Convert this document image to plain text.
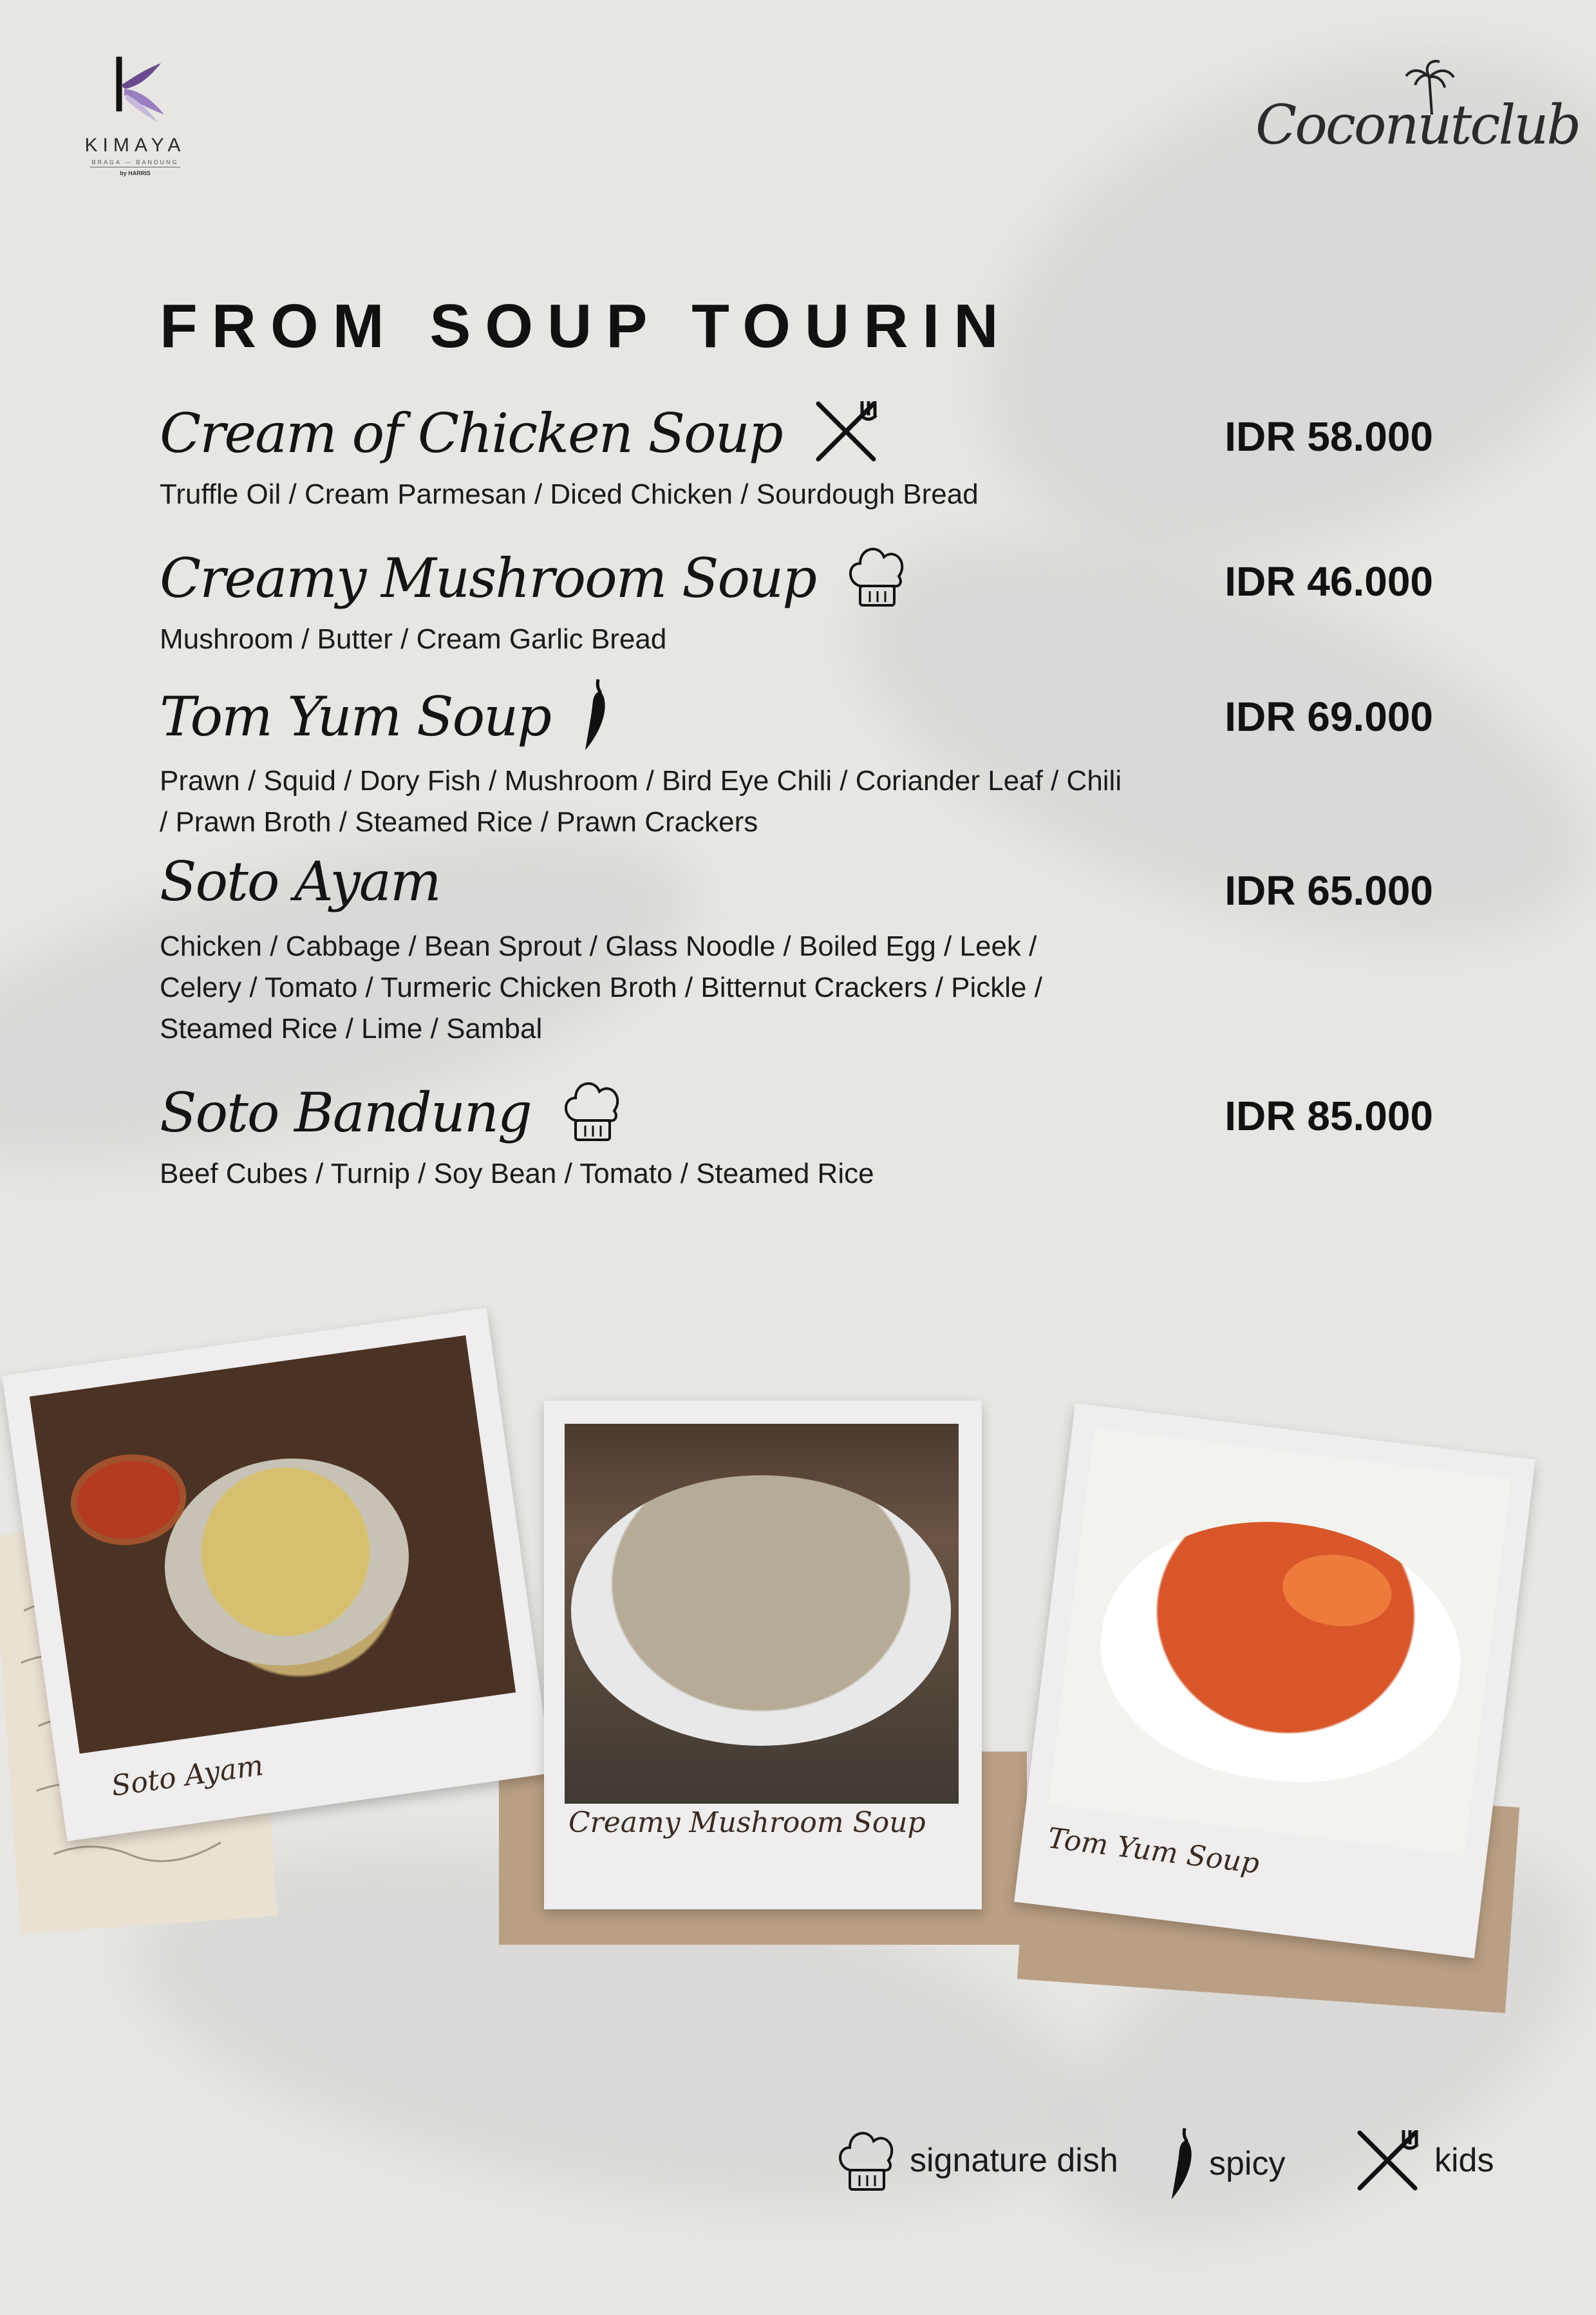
KIMAYA
BRAGA — BANDUNG
by HARRIS
Coconutclub
FROM SOUP TOURIN
Cream of Chicken Soup	IDR 58.000
Truffle Oil / Cream Parmesan / Diced Chicken / Sourdough Bread
Creamy Mushroom Soup	IDR 46.000
Mushroom / Butter / Cream Garlic Bread
Tom Yum Soup	IDR 69.000
Prawn / Squid / Dory Fish / Mushroom / Bird Eye Chili / Coriander Leaf / Chili / Prawn Broth / Steamed Rice / Prawn Crackers
Soto Ayam	IDR 65.000
Chicken / Cabbage / Bean Sprout / Glass Noodle / Boiled Egg / Leek / Celery / Tomato / Turmeric Chicken Broth / Bitternut Crackers / Pickle / Steamed Rice / Lime / Sambal
Soto Bandung	IDR 85.000
Beef Cubes / Turnip / Soy Bean / Tomato / Steamed Rice
Soto Ayam
Creamy Mushroom Soup	Tom Yum Soup
signature dish	spicy	kids
